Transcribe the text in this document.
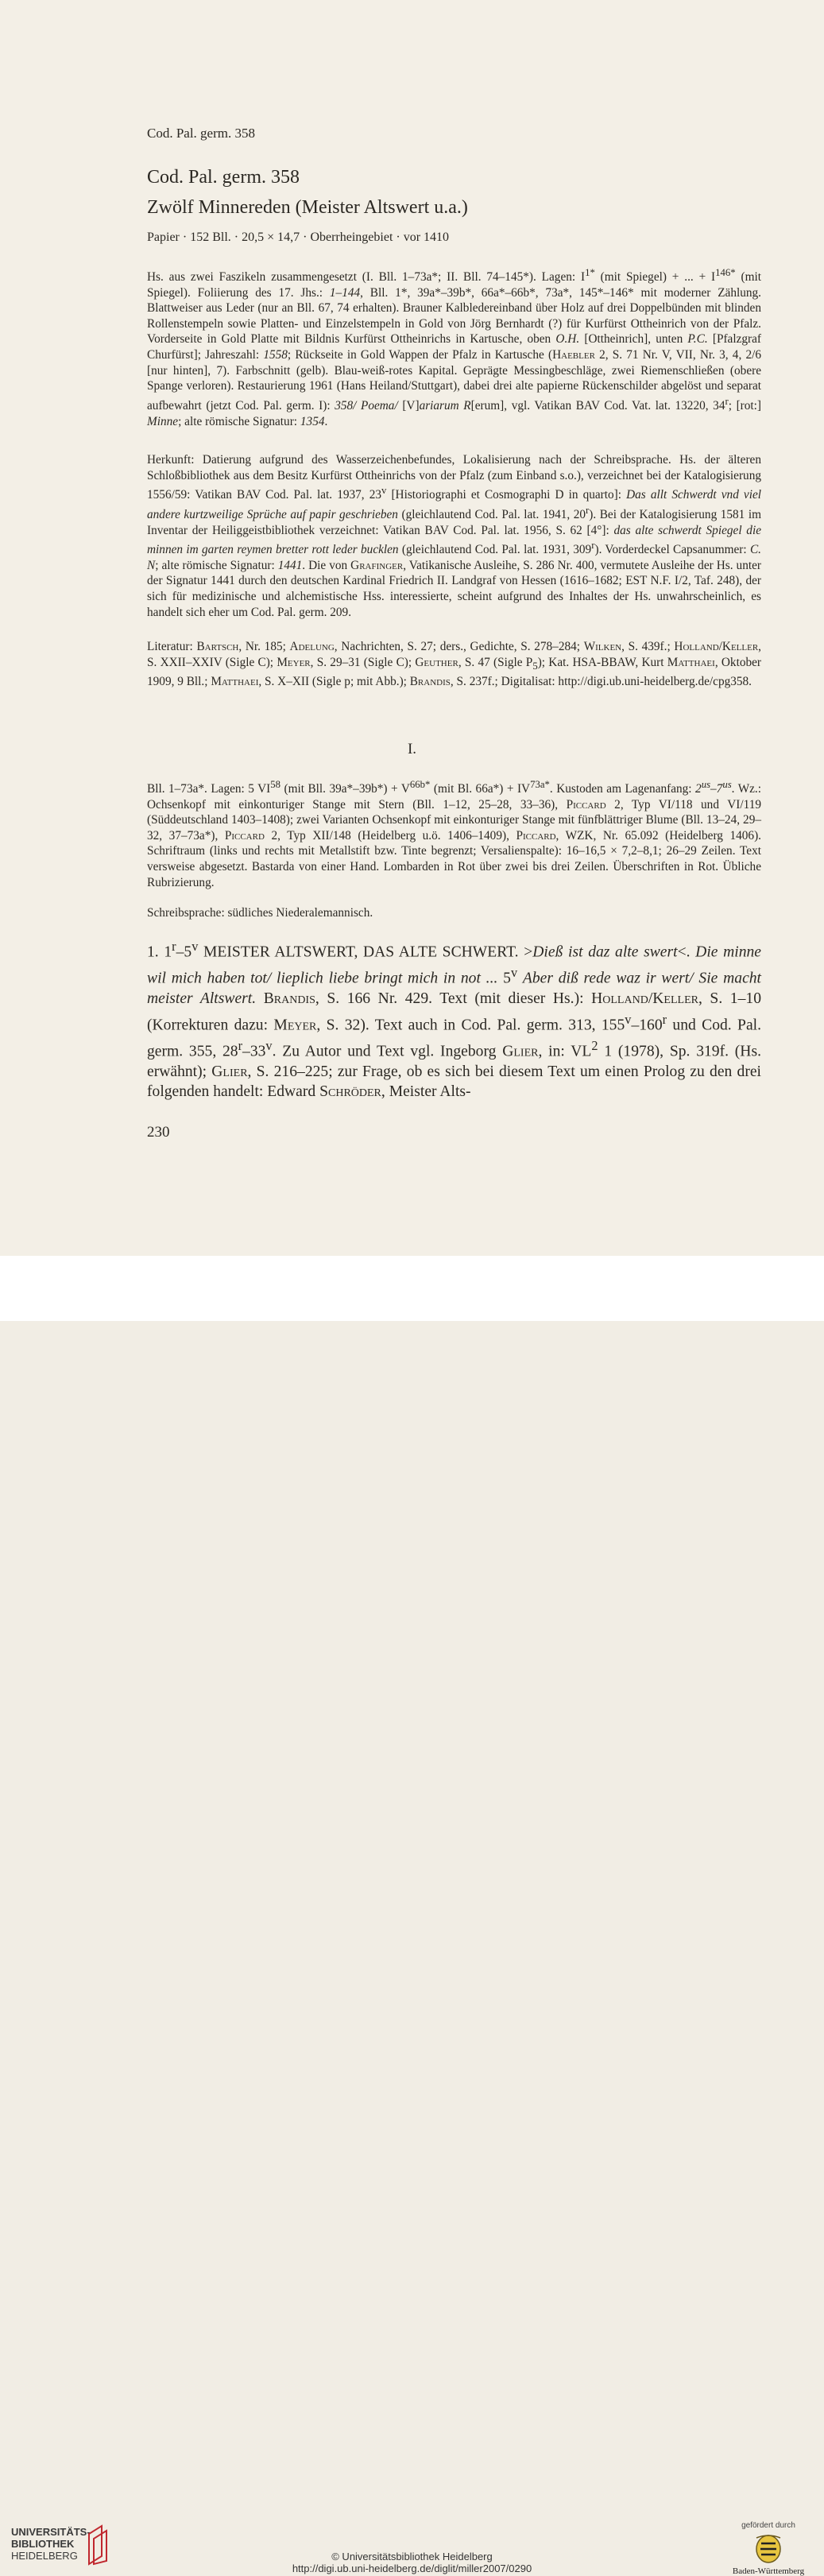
Cod. Pal. germ. 358
Cod. Pal. germ. 358
Zwölf Minnereden (Meister Altswert u.a.)
Papier · 152 Bll. · 20,5 × 14,7 · Oberrheingebiet · vor 1410
Hs. aus zwei Faszikeln zusammengesetzt (I. Bll. 1–73a*; II. Bll. 74–145*). Lagen: $I^{1*}$ (mit Spiegel) + ... + $I^{146*}$ (mit Spiegel). Foliierung des 17. Jhs.: 1–144, Bll. 1*, 39a*–39b*, 66a*–66b*, 73a*, 145*–146* mit moderner Zählung. Blattweiser aus Leder (nur an Bll. 67, 74 erhalten). Brauner Kalbledereinband über Holz auf drei Doppelbünden mit blinden Rollenstempeln sowie Platten- und Einzelstempeln in Gold von Jörg Bernhardt (?) für Kurfürst Ottheinrich von der Pfalz. Vorderseite in Gold Platte mit Bildnis Kurfürst Ottheinrichs in Kartusche, oben O.H. [Ottheinrich], unten P.C. [Pfalzgraf Churfürst]; Jahreszahl: 1558; Rückseite in Gold Wappen der Pfalz in Kartusche (Haebler 2, S. 71 Nr. V, VII, Nr. 3, 4, 2/6 [nur hinten], 7). Farbschnitt (gelb). Blau-weiß-rotes Kapital. Geprägte Messingbeschläge, zwei Riemenschließen (obere Spange verloren). Restaurierung 1961 (Hans Heiland/Stuttgart), dabei drei alte papierne Rückenschilder abgelöst und separat aufbewahrt (jetzt Cod. Pal. germ. I): 358/ Poema/ [V]ariarum R[erum], vgl. Vatikan BAV Cod. Vat. lat. 13220, 34$^r$; [rot:] Minne; alte römische Signatur: 1354.
Herkunft: Datierung aufgrund des Wasserzeichenbefundes, Lokalisierung nach der Schreibsprache. Hs. der älteren Schloßbibliothek aus dem Besitz Kurfürst Ottheinrichs von der Pfalz (zum Einband s.o.), verzeichnet bei der Katalogisierung 1556/59: Vatikan BAV Cod. Pal. lat. 1937, 23$^v$ [Historiographi et Cosmographi D in quarto]: Das allt Schwerdt vnd viel andere kurtzweilige Sprüche auf papir geschrieben (gleichlautend Cod. Pal. lat. 1941, 20$^r$). Bei der Katalogisierung 1581 im Inventar der Heiliggeistbibliothek verzeichnet: Vatikan BAV Cod. Pal. lat. 1956, S. 62 [4°]: das alte schwerdt Spiegel die minnen im garten reymen bretter rott leder bucklen (gleichlautend Cod. Pal. lat. 1931, 309$^r$). Vorderdeckel Capsanummer: C. N; alte römische Signatur: 1441. Die von Grafinger, Vatikanische Ausleihe, S. 286 Nr. 400, vermutete Ausleihe der Hs. unter der Signatur 1441 durch den deutschen Kardinal Friedrich II. Landgraf von Hessen (1616–1682; EST N.F. I/2, Taf. 248), der sich für medizinische und alchemistische Hss. interessierte, scheint aufgrund des Inhaltes der Hs. unwahrscheinlich, es handelt sich eher um Cod. Pal. germ. 209.
Literatur: Bartsch, Nr. 185; Adelung, Nachrichten, S. 27; ders., Gedichte, S. 278–284; Wilken, S. 439f.; Holland/Keller, S. XXII–XXIV (Sigle C); Meyer, S. 29–31 (Sigle C); Geuther, S. 47 (Sigle $P_5$); Kat. HSA-BBAW, Kurt Matthaei, Oktober 1909, 9 Bll.; Matthaei, S. X–XII (Sigle p; mit Abb.); Brandis, S. 237f.; Digitalisat: http://digi.ub.uni-heidelberg.de/cpg358.
I.
Bll. 1–73a*. Lagen: 5 VI$^{58}$ (mit Bll. $39a*-39b*) + V^{66b*}$ (mit Bl. $66a*) + IV^{73a*}$. Kustoden am Lagenanfang: $2^{us}-7^{us}$. Wz.: Ochsenkopf mit einkonturiger Stange mit Stern (Bll. 1–12, 25–28, 33–36), Piccard 2, Typ VI/118 und VI/119 (Süddeutschland 1403–1408); zwei Varianten Ochsenkopf mit einkonturiger Stange mit fünfblättriger Blume (Bll. 13–24, 29–32, 37–73a*), Piccard 2, Typ XII/148 (Heidelberg u.ö. 1406–1409), Piccard, WZK, Nr. 65.092 (Heidelberg 1406). Schriftraum (links und rechts mit Metallstift bzw. Tinte begrenzt; Versalienspalte): 16–16,5 × 7,2–8,1; 26–29 Zeilen. Text versweise abgesetzt. Bastarda von einer Hand. Lombarden in Rot über zwei bis drei Zeilen. Überschriften in Rot. Übliche Rubrizierung.
Schreibsprache: südliches Niederalemannisch.
1. 1$^r$–5$^v$ MEISTER ALTSWERT, DAS ALTE SCHWERT. >Dieß ist daz alte swert<. Die minne wil mich haben tot/ lieplich liebe bringt mich in not ... 5$^v$ Aber diß rede waz ir wert/ Sie macht meister Altswert. Brandis, S. 166 Nr. 429. Text (mit dieser Hs.): Holland/Keller, S. 1–10 (Korrekturen dazu: Meyer, S. 32). Text auch in Cod. Pal. germ. 313, 155$^v$–160$^r$ und Cod. Pal. germ. 355, 28$^r$–33$^v$. Zu Autor und Text vgl. Ingeborg Glier, in: $VL^2$ 1 (1978), Sp. 319f. (Hs. erwähnt); Glier, S. 216–225; zur Frage, ob es sich bei diesem Text um einen Prolog zu den drei folgenden handelt: Edward Schröder, Meister Alts-
230
UNIVERSITÄTS-
BIBLIOTHEK
HEIDELBERG	© Universitätsbibliothek Heidelberg
http://digi.ub.uni-heidelberg.de/diglit/miller2007/0290
gefördert durch
Baden-Württemberg
